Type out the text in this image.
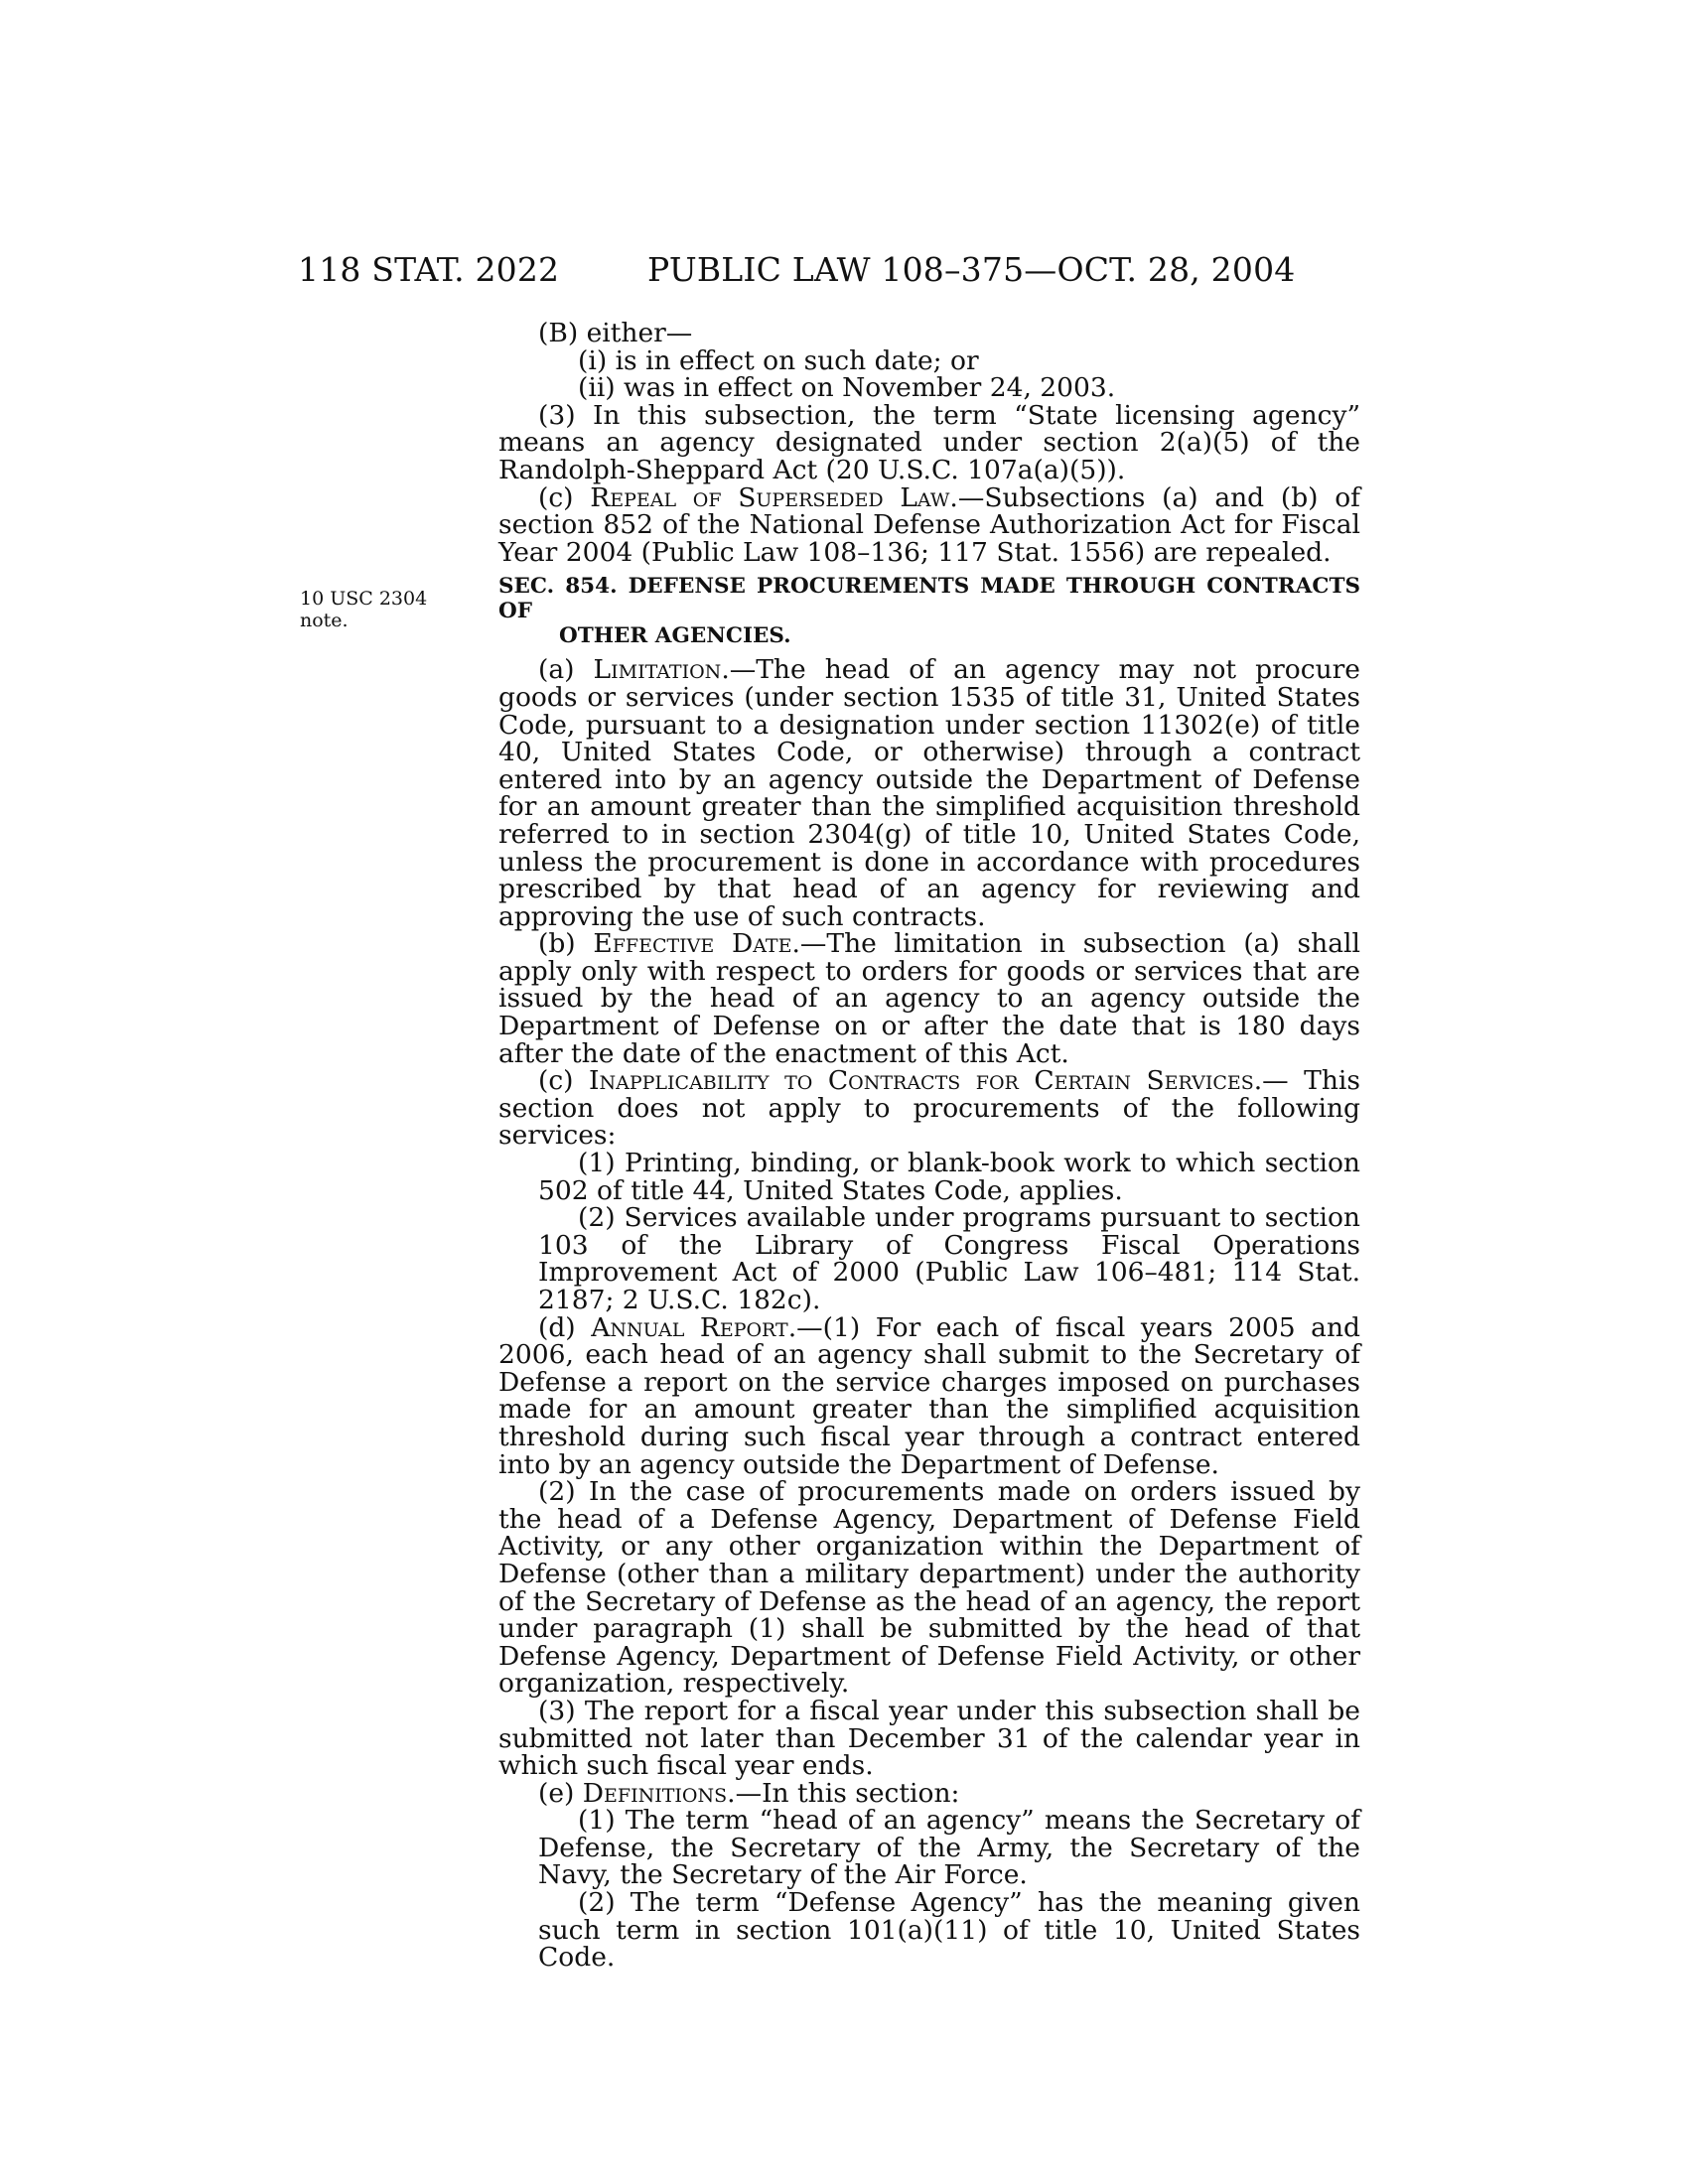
118 STAT. 2022	PUBLIC LAW 108–375—OCT. 28, 2004
10 USC 2304
note.

(B) either—

(i) is in effect on such date; or

(ii) was in effect on November 24, 2003.

(3) In this subsection, the term “State licensing agency” means an agency designated under section 2(a)(5) of the Randolph-Sheppard Act (20 U.S.C. 107a(a)(5)).

(c) Repeal of Superseded Law.—Subsections (a) and (b) of section 852 of the National Defense Authorization Act for Fiscal Year 2004 (Public Law 108–136; 117 Stat. 1556) are repealed.

SEC. 854. DEFENSE PROCUREMENTS MADE THROUGH CONTRACTS OF
OTHER AGENCIES.

(a) Limitation.—The head of an agency may not procure goods or services (under section 1535 of title 31, United States Code, pursuant to a designation under section 11302(e) of title 40, United States Code, or otherwise) through a contract entered into by an agency outside the Department of Defense for an amount greater than the simplified acquisition threshold referred to in section 2304(g) of title 10, United States Code, unless the procurement is done in accordance with procedures prescribed by that head of an agency for reviewing and approving the use of such contracts.

(b) Effective Date.—The limitation in subsection (a) shall apply only with respect to orders for goods or services that are issued by the head of an agency to an agency outside the Department of Defense on or after the date that is 180 days after the date of the enactment of this Act.

(c) Inapplicability to Contracts for Certain Services.— This section does not apply to procurements of the following services:

(1) Printing, binding, or blank-book work to which section 502 of title 44, United States Code, applies.

(2) Services available under programs pursuant to section 103 of the Library of Congress Fiscal Operations Improvement Act of 2000 (Public Law 106–481; 114 Stat. 2187; 2 U.S.C. 182c).

(d) Annual Report.—(1) For each of fiscal years 2005 and 2006, each head of an agency shall submit to the Secretary of Defense a report on the service charges imposed on purchases made for an amount greater than the simplified acquisition threshold during such fiscal year through a contract entered into by an agency outside the Department of Defense.

(2) In the case of procurements made on orders issued by the head of a Defense Agency, Department of Defense Field Activity, or any other organization within the Department of Defense (other than a military department) under the authority of the Secretary of Defense as the head of an agency, the report under paragraph (1) shall be submitted by the head of that Defense Agency, Department of Defense Field Activity, or other organization, respectively.

(3) The report for a fiscal year under this subsection shall be submitted not later than December 31 of the calendar year in which such fiscal year ends.

(e) Definitions.—In this section:

(1) The term “head of an agency” means the Secretary of Defense, the Secretary of the Army, the Secretary of the Navy, the Secretary of the Air Force.

(2) The term “Defense Agency” has the meaning given such term in section 101(a)(11) of title 10, United States Code.
